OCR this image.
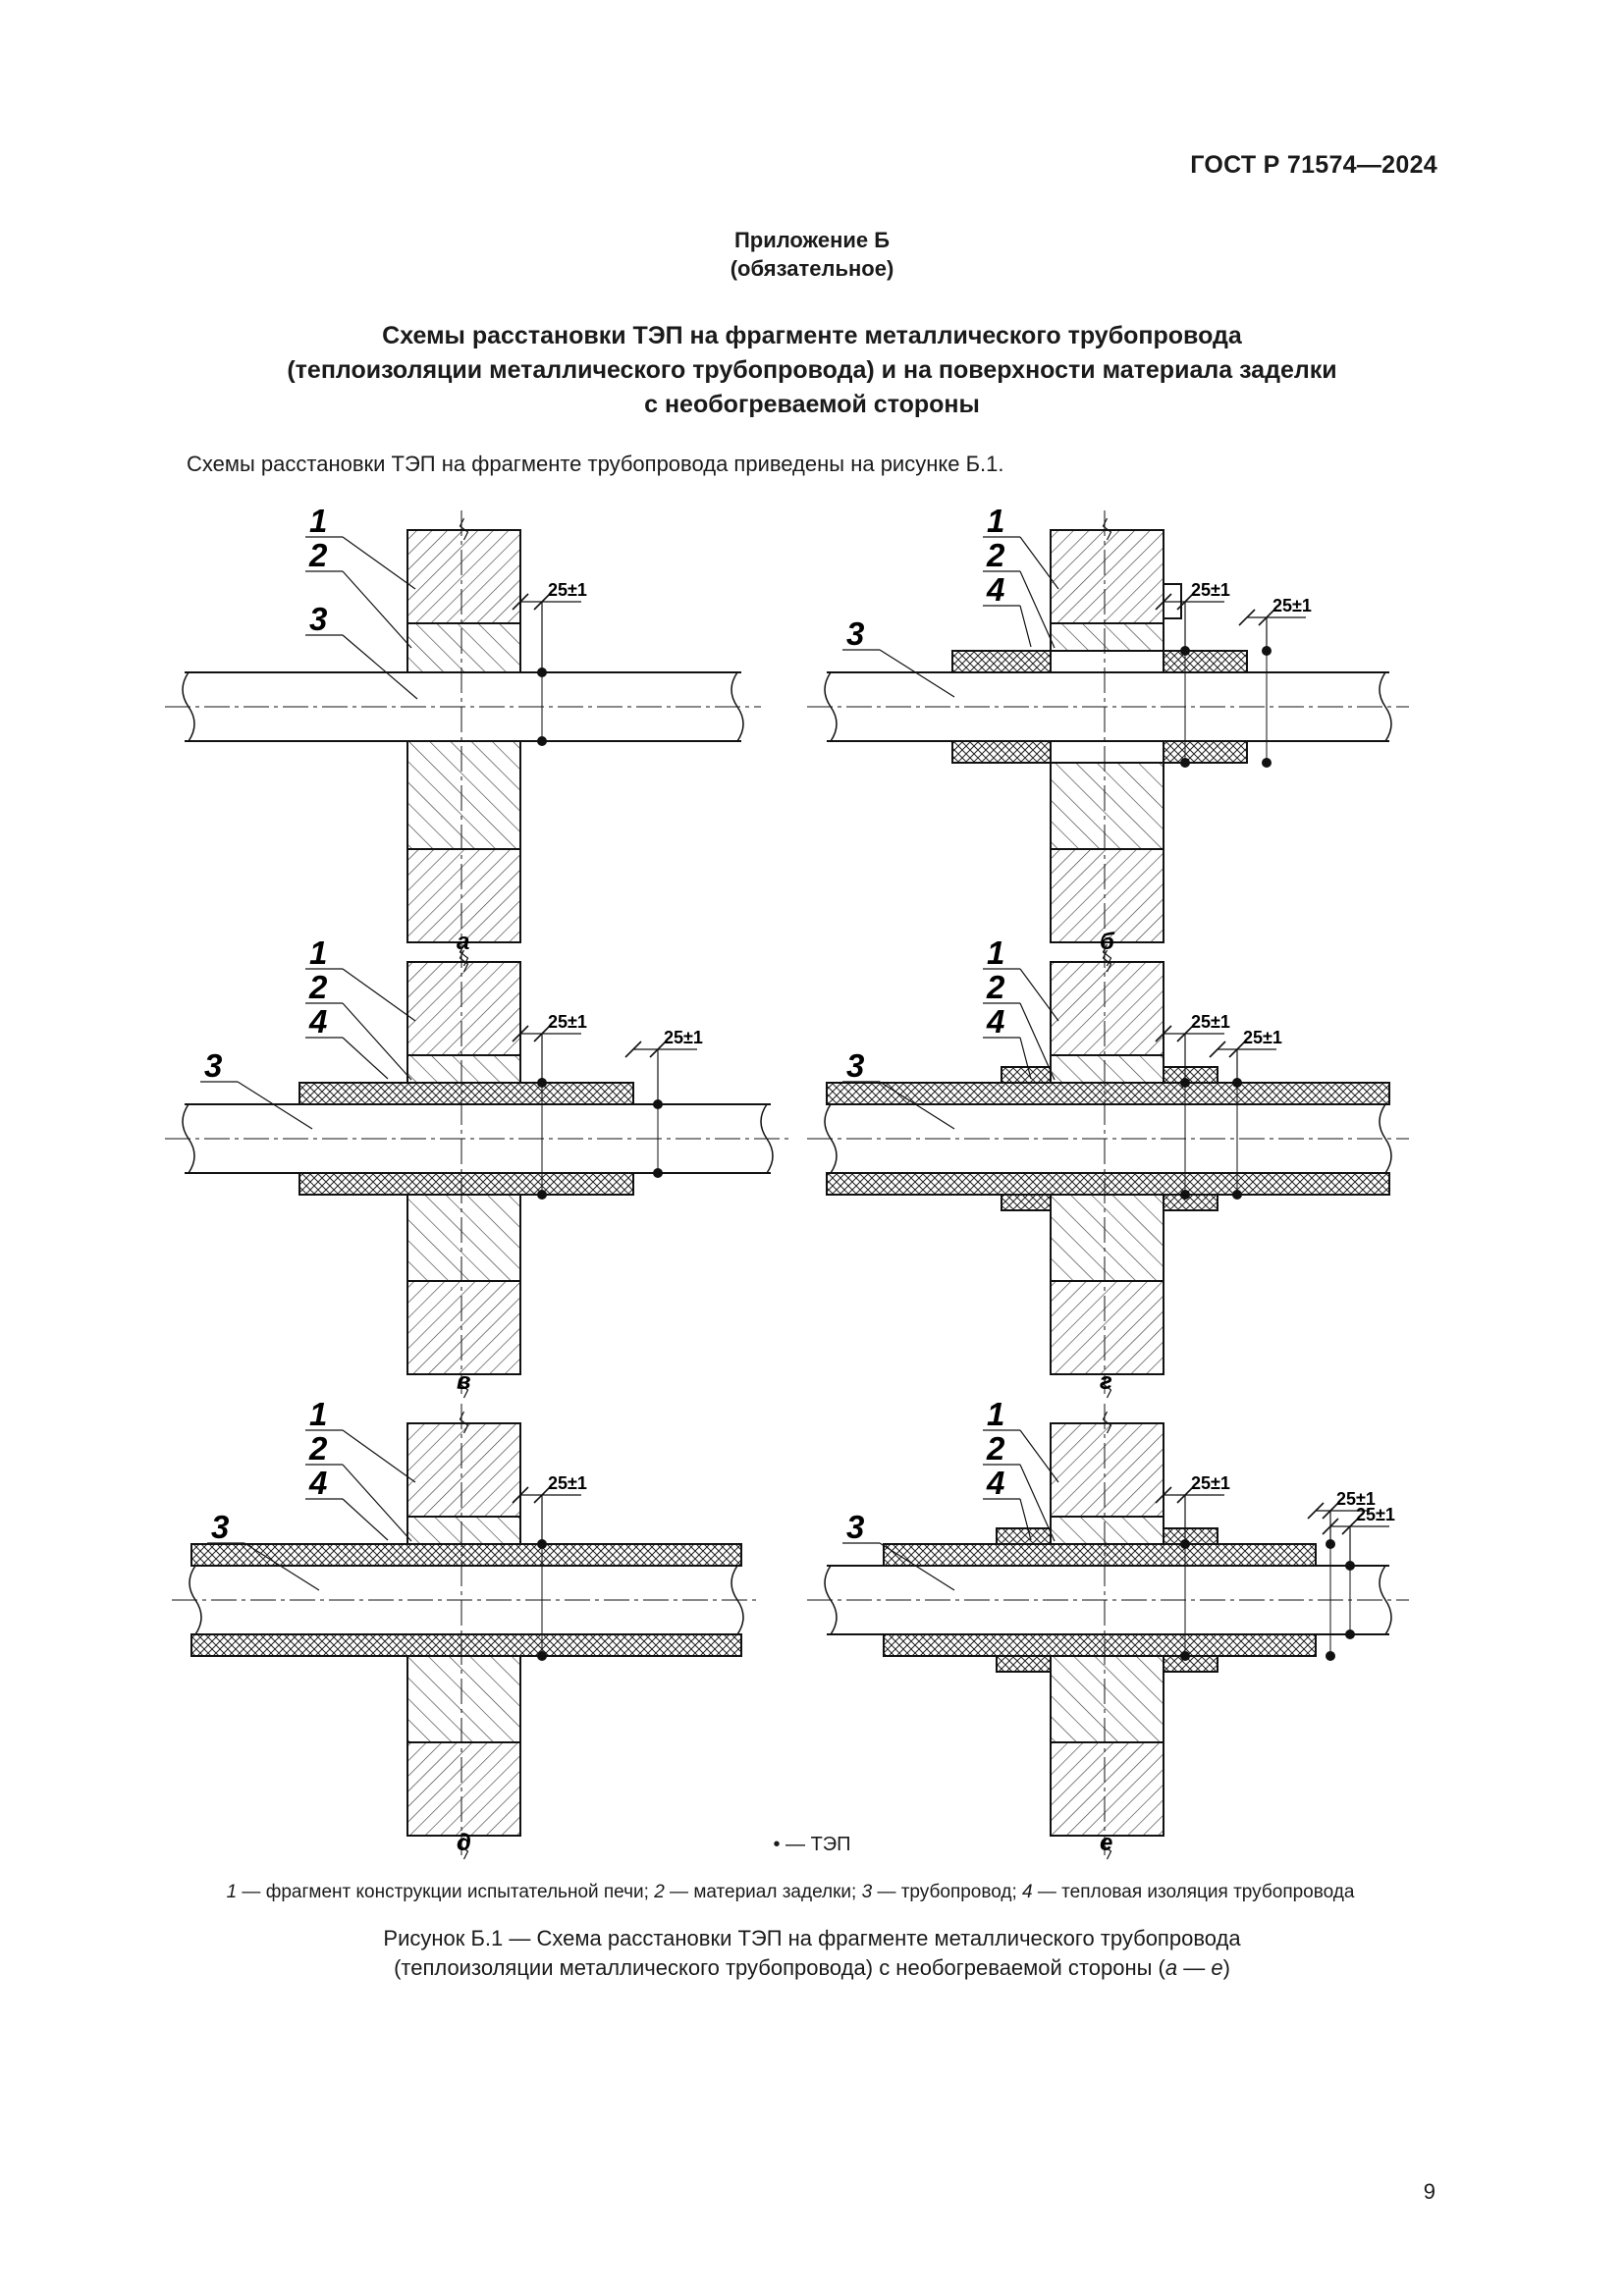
ГОСТ Р 71574—2024
Приложение Б
(обязательное)
Схемы расстановки ТЭП на фрагменте металлического трубопровода
(теплоизоляции металлического трубопровода) и на поверхности материала заделки
с необогреваемой стороны
Схемы расстановки ТЭП на фрагменте трубопровода приведены на рисунке Б.1.
25±1
1
2
3
а
25±1
25±1
1
2
4
3
б
25±1
25±1
1
2
4
3
в
25±1
25±1
1
2
4
3
г
25±1
1
2
4
3
д
25±1
25±1
25±1
1
2
4
3
е
• — ТЭП
1 — фрагмент конструкции испытательной печи; 2 — материал заделки; 3 — трубопровод; 4 — тепловая изоляция трубопровода
Рисунок Б.1 — Схема расстановки ТЭП на фрагменте металлического трубопровода
(теплоизоляции металлического трубопровода) с необогреваемой стороны (а — е)
9
